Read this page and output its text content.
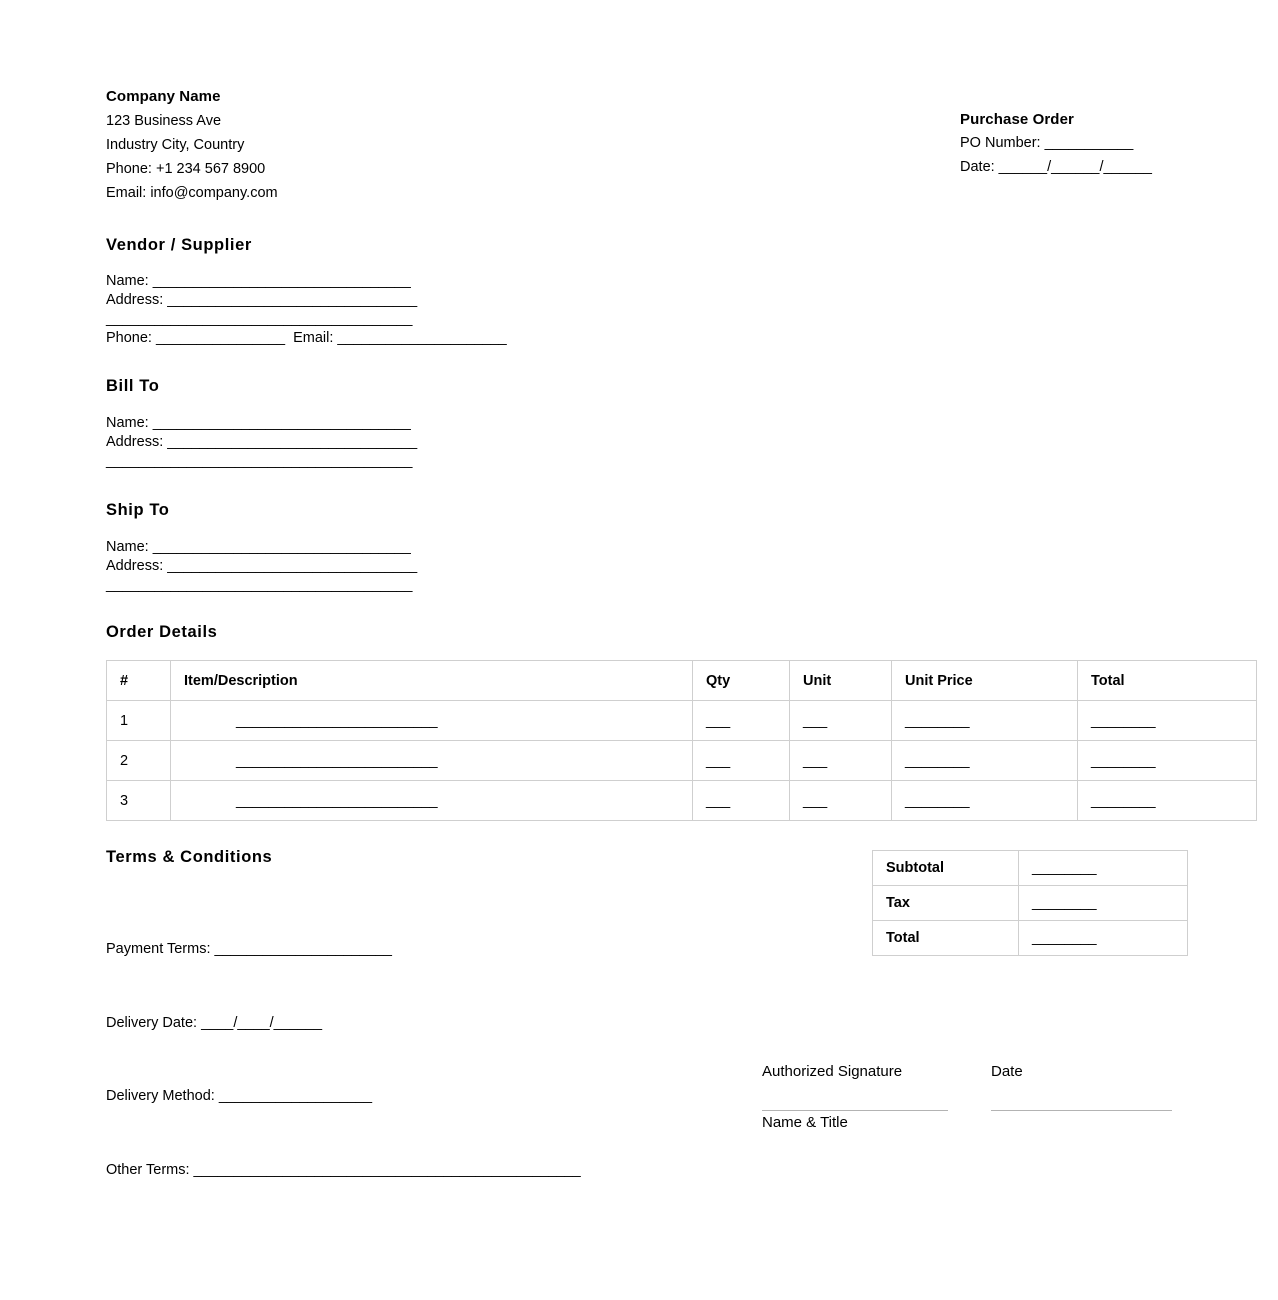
Company Name
123 Business Ave
Industry City, Country
Phone: +1 234 567 8900
Email: info@company.com
Purchase Order
PO Number: ___________
Date: ______/______/______
Vendor / Supplier
Name: ________________________________
Address: _______________________________
______________________________________
Phone: ________________  Email: _____________________
Bill To
Name: ________________________________
Address: _______________________________
______________________________________
Ship To
Name: ________________________________
Address: _______________________________
______________________________________
Order Details
#	Item/Description	Qty	Unit	Unit Price	Total
1	_________________________	___	___	________	________
2	_________________________	___	___	________	________
3	_________________________	___	___	________	________
Terms & Conditions

Payment Terms: ______________________

Delivery Date: ____/____/______

Delivery Method: ___________________

Other Terms: ________________________________________________

Subtotal	________
Tax	________
Total	________
Authorized Signature	Date
Name & Title
